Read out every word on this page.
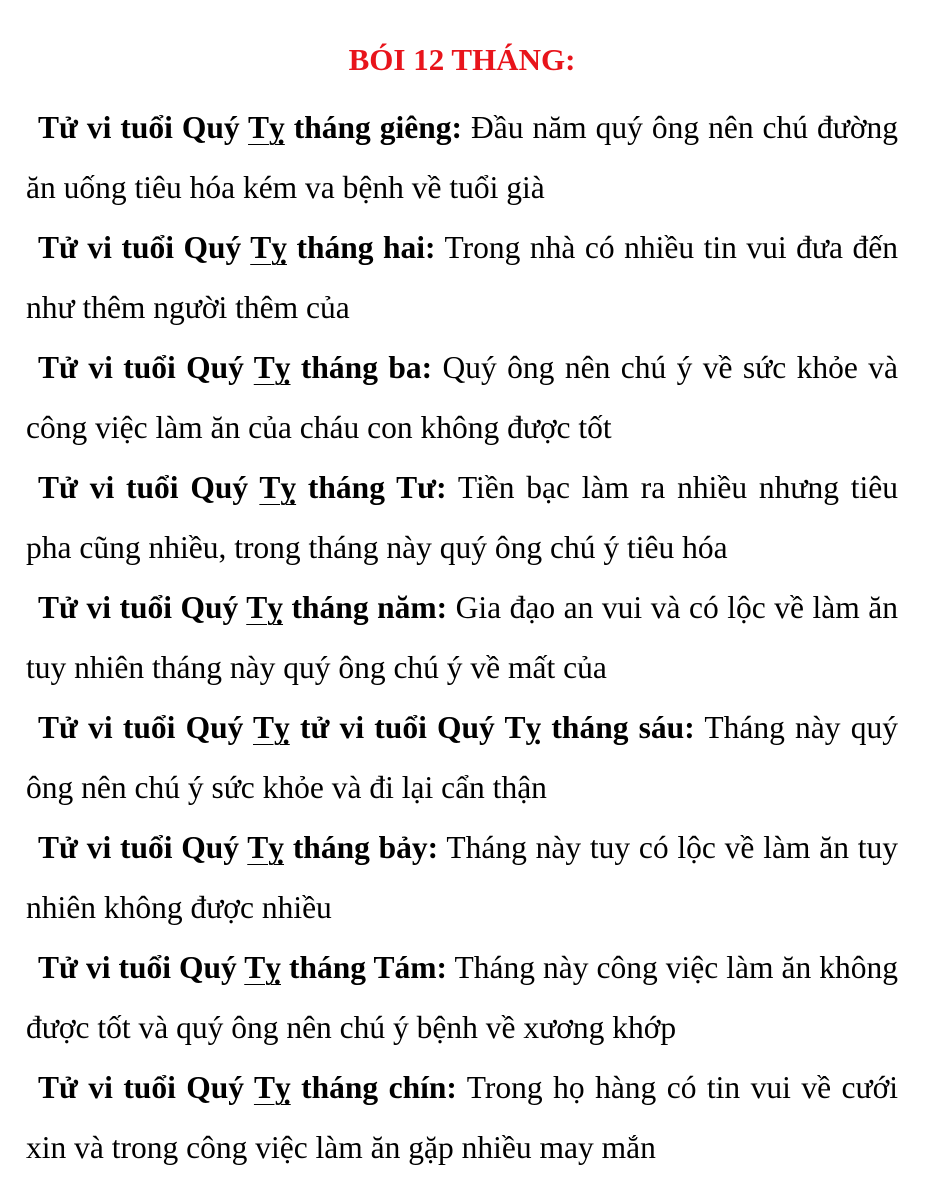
BÓI 12 THÁNG:

Tử vi tuổi Quý Tỵ tháng giêng: Đầu năm quý ông nên chú đường ăn uống tiêu hóa kém va bệnh về tuổi già

Tử vi tuổi Quý Tỵ tháng hai: Trong nhà có nhiều tin vui đưa đến như thêm người thêm của

Tử vi tuổi Quý Tỵ tháng ba: Quý ông nên chú ý về sức khỏe và công việc làm ăn của cháu con không được tốt

Tử vi tuổi Quý Tỵ tháng Tư: Tiền bạc làm ra nhiều nhưng tiêu pha cũng nhiều, trong tháng này quý ông chú ý tiêu hóa

Tử vi tuổi Quý Tỵ tháng năm: Gia đạo an vui và có lộc về làm ăn tuy nhiên tháng này quý ông chú ý về mất của

Tử vi tuổi Quý Tỵ tử vi tuổi Quý Tỵ tháng sáu: Tháng này quý ông nên chú ý sức khỏe và đi lại cẩn thận

Tử vi tuổi Quý Tỵ tháng bảy: Tháng này tuy có lộc về làm ăn tuy nhiên không được nhiều

Tử vi tuổi Quý Tỵ tháng Tám: Tháng này công việc làm ăn không được tốt và quý ông nên chú ý bệnh về xương khớp

Tử vi tuổi Quý Tỵ tháng chín: Trong họ hàng có tin vui về cưới xin và trong công việc làm ăn gặp nhiều may mắn
